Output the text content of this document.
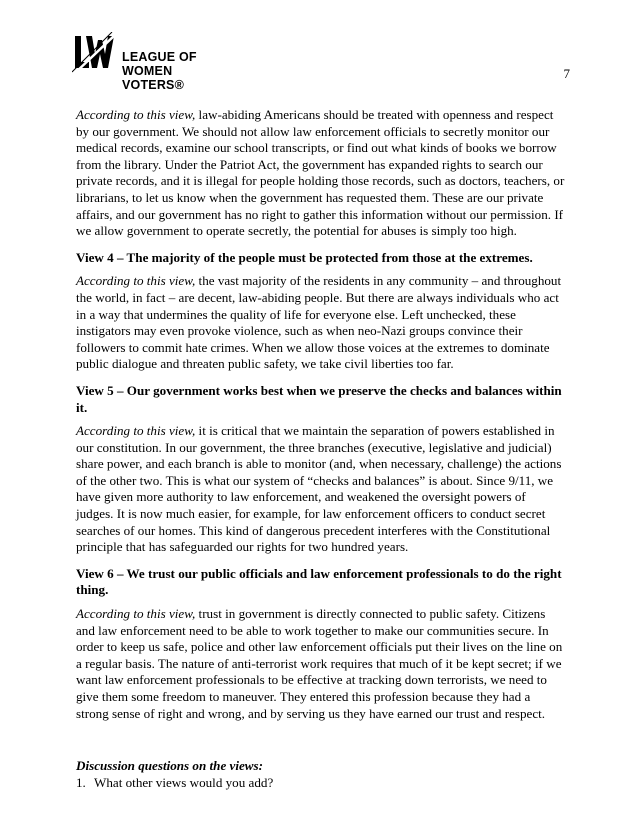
LEAGUE OF
WOMEN VOTERS®
7

According to this view, law-abiding Americans should be treated with openness and respect by our government. We should not allow law enforcement officials to secretly monitor our medical records, examine our school transcripts, or find out what kinds of books we borrow from the library. Under the Patriot Act, the government has expanded rights to search our private records, and it is illegal for people holding those records, such as doctors, teachers, or librarians, to let us know when the government has requested them. These are our private affairs, and our government has no right to gather this information without our permission. If we allow government to operate secretly, the potential for abuses is simply too high.

View 4 – The majority of the people must be protected from those at the extremes.

According to this view, the vast majority of the residents in any community – and throughout the world, in fact – are decent, law-abiding people. But there are always individuals who act in a way that undermines the quality of life for everyone else. Left unchecked, these instigators may even provoke violence, such as when neo-Nazi groups convince their followers to commit hate crimes. When we allow those voices at the extremes to dominate public dialogue and threaten public safety, we take civil liberties too far.

View 5 – Our government works best when we preserve the checks and balances within it.

According to this view, it is critical that we maintain the separation of powers established in our constitution. In our government, the three branches (executive, legislative and judicial) share power, and each branch is able to monitor (and, when necessary, challenge) the actions of the other two. This is what our system of “checks and balances” is about. Since 9/11, we have given more authority to law enforcement, and weakened the oversight powers of judges. It is now much easier, for example, for law enforcement officers to conduct secret searches of our homes. This kind of dangerous precedent interferes with the Constitutional principle that has safeguarded our rights for two hundred years.

View 6 – We trust our public officials and law enforcement professionals to do the right thing.

According to this view, trust in government is directly connected to public safety. Citizens and law enforcement need to be able to work together to make our communities secure. In order to keep us safe, police and other law enforcement officials put their lives on the line on a regular basis. The nature of anti-terrorist work requires that much of it be kept secret; if we want law enforcement professionals to be effective at tracking down terrorists, we need to give them some freedom to maneuver. They entered this profession because they had a strong sense of right and wrong, and by serving us they have earned our trust and respect.

Discussion questions on the views:
1. What other views would you add?
